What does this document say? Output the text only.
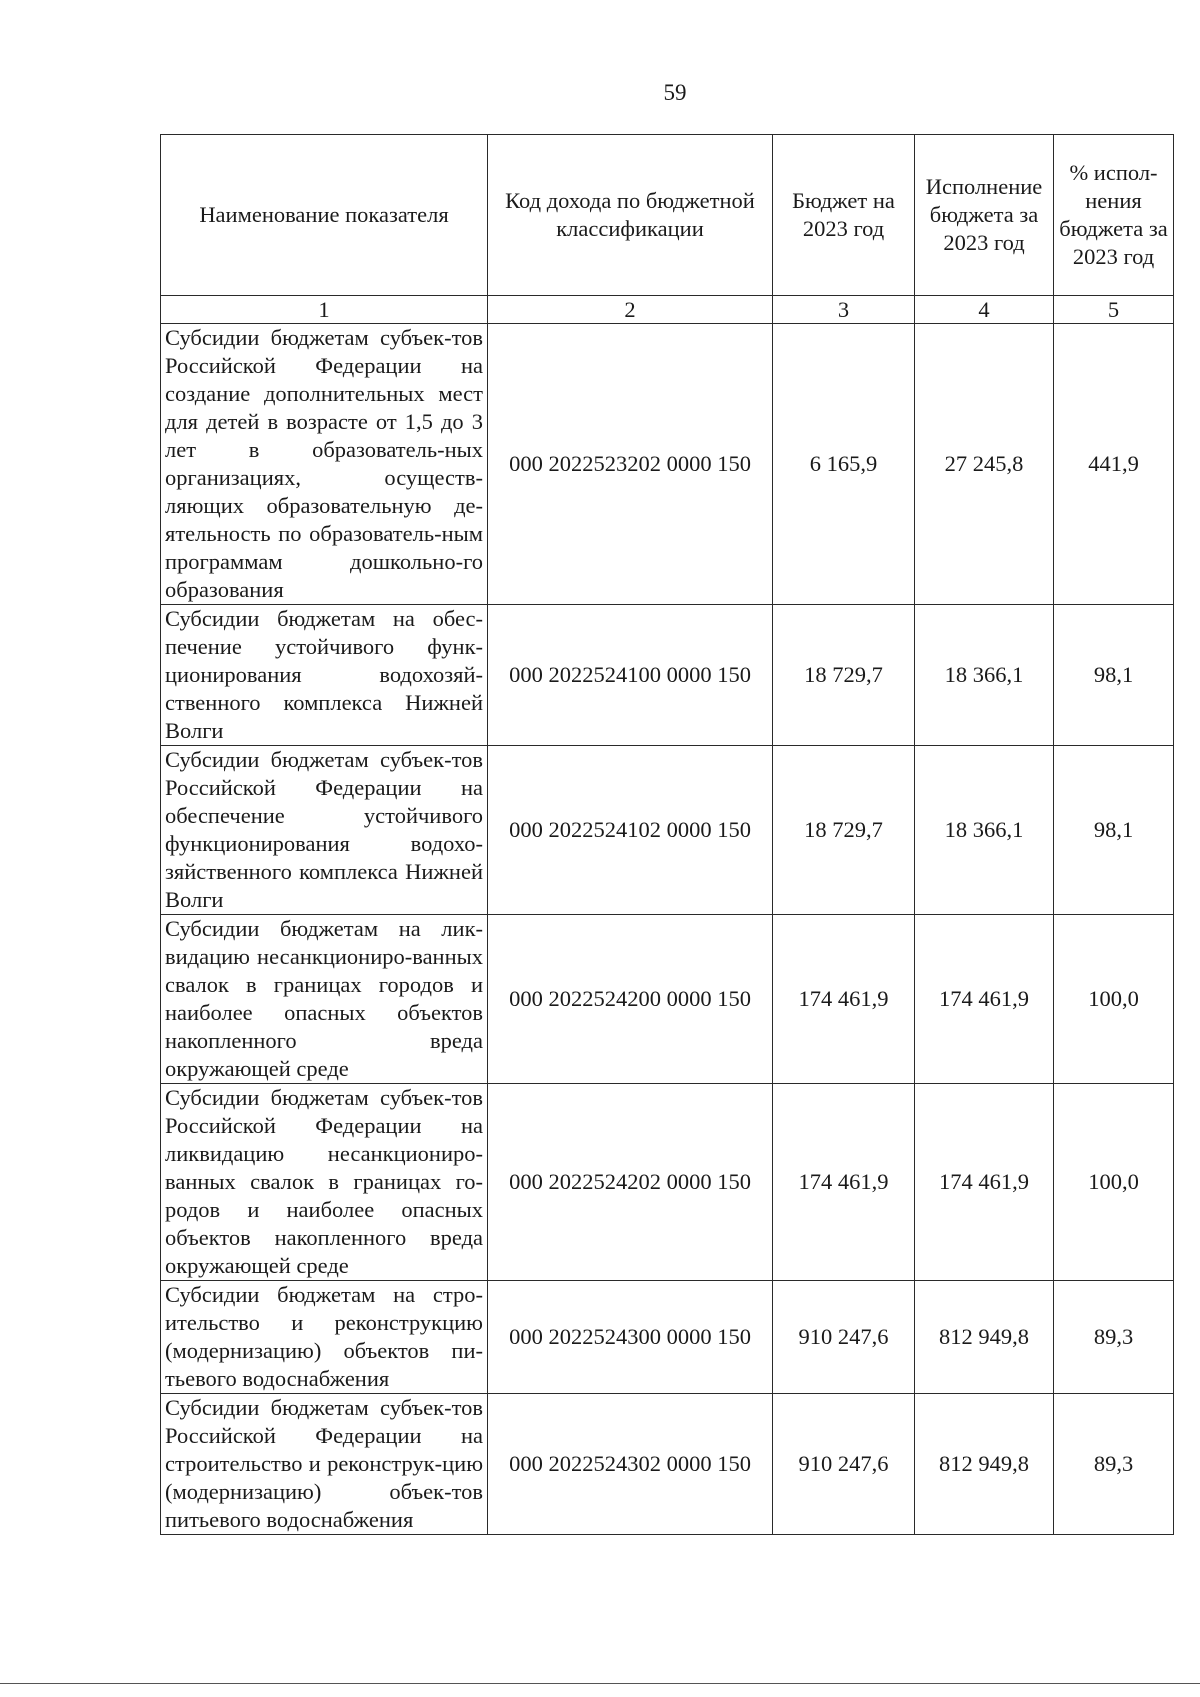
59
Наименование показателя	Код дохода по бюджетной классификации	Бюджет на 2023 год	Исполнение бюджета за 2023 год	% испол-нения бюджета за 2023 год
1	2	3	4	5
Субсидии бюджетам субъек-тов Российской Федерации на создание дополнительных мест для детей в возрасте от 1,5 до 3 лет в образователь-ных организациях, осуществ-ляющих образовательную де-ятельность по образователь-ным программам дошкольно-го образования	000 2022523202 0000 150	6 165,9	27 245,8	441,9
Субсидии бюджетам на обес-печение устойчивого функ-ционирования водохозяй-ственного комплекса Нижней Волги	000 2022524100 0000 150	18 729,7	18 366,1	98,1
Субсидии бюджетам субъек-тов Российской Федерации на обеспечение устойчивого функционирования водохо-зяйственного комплекса Нижней Волги	000 2022524102 0000 150	18 729,7	18 366,1	98,1
Субсидии бюджетам на лик-видацию несанкциониро-ванных свалок в границах городов и наиболее опасных объектов накопленного вреда окружающей среде	000 2022524200 0000 150	174 461,9	174 461,9	100,0
Субсидии бюджетам субъек-тов Российской Федерации на ликвидацию несанкциониро-ванных свалок в границах го-родов и наиболее опасных объектов накопленного вреда окружающей среде	000 2022524202 0000 150	174 461,9	174 461,9	100,0
Субсидии бюджетам на стро-ительство и реконструкцию (модернизацию) объектов пи-тьевого водоснабжения	000 2022524300 0000 150	910 247,6	812 949,8	89,3
Субсидии бюджетам субъек-тов Российской Федерации на строительство и реконструк-цию (модернизацию) объек-тов питьевого водоснабжения	000 2022524302 0000 150	910 247,6	812 949,8	89,3
